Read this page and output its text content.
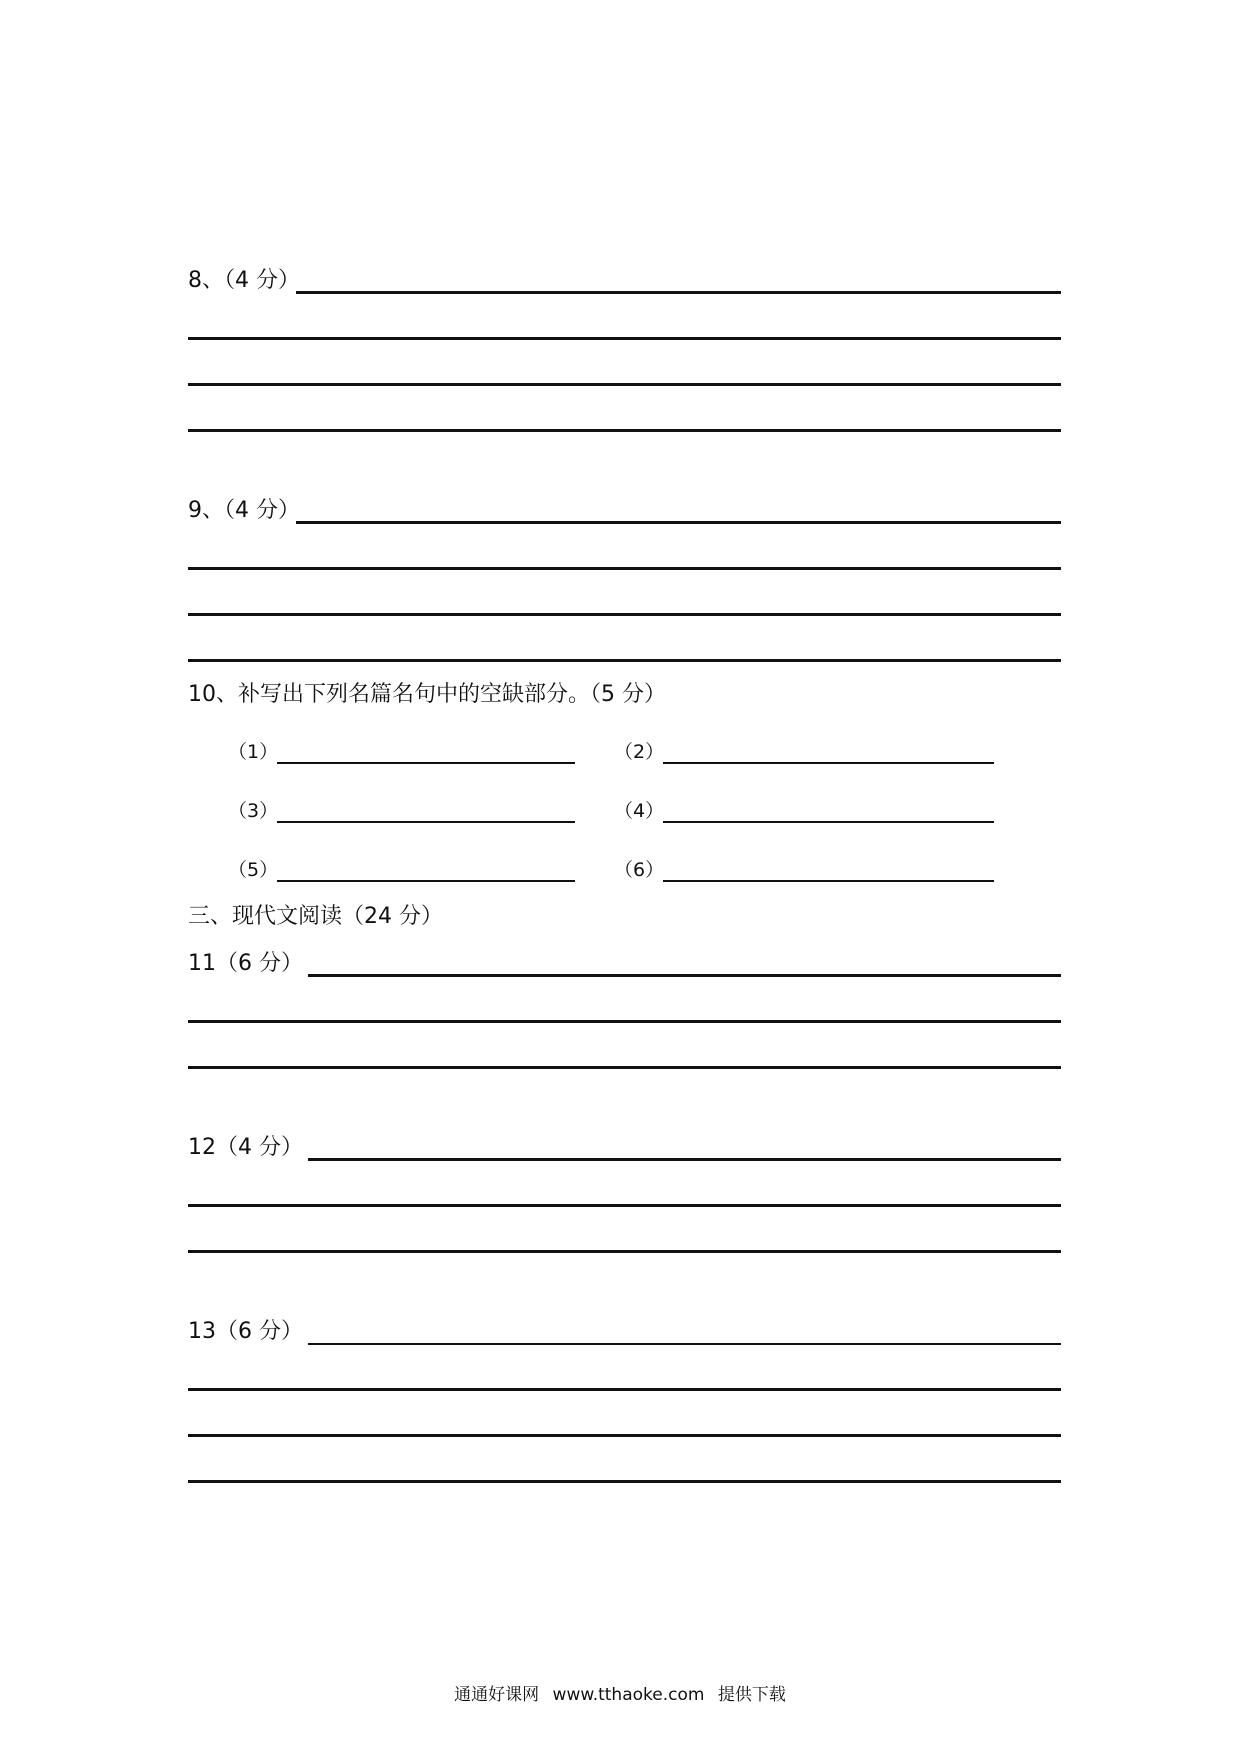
8、（4 分）
9、（4 分）
10、补写出下列名篇名句中的空缺部分。（5 分）
（1）	（2）
（3）	（4）
（5）	（6）
三、现代文阅读（24 分）
11（6 分）
12（4 分）
13（6 分）
通通好课网 www.tthaoke.com 提供下载
